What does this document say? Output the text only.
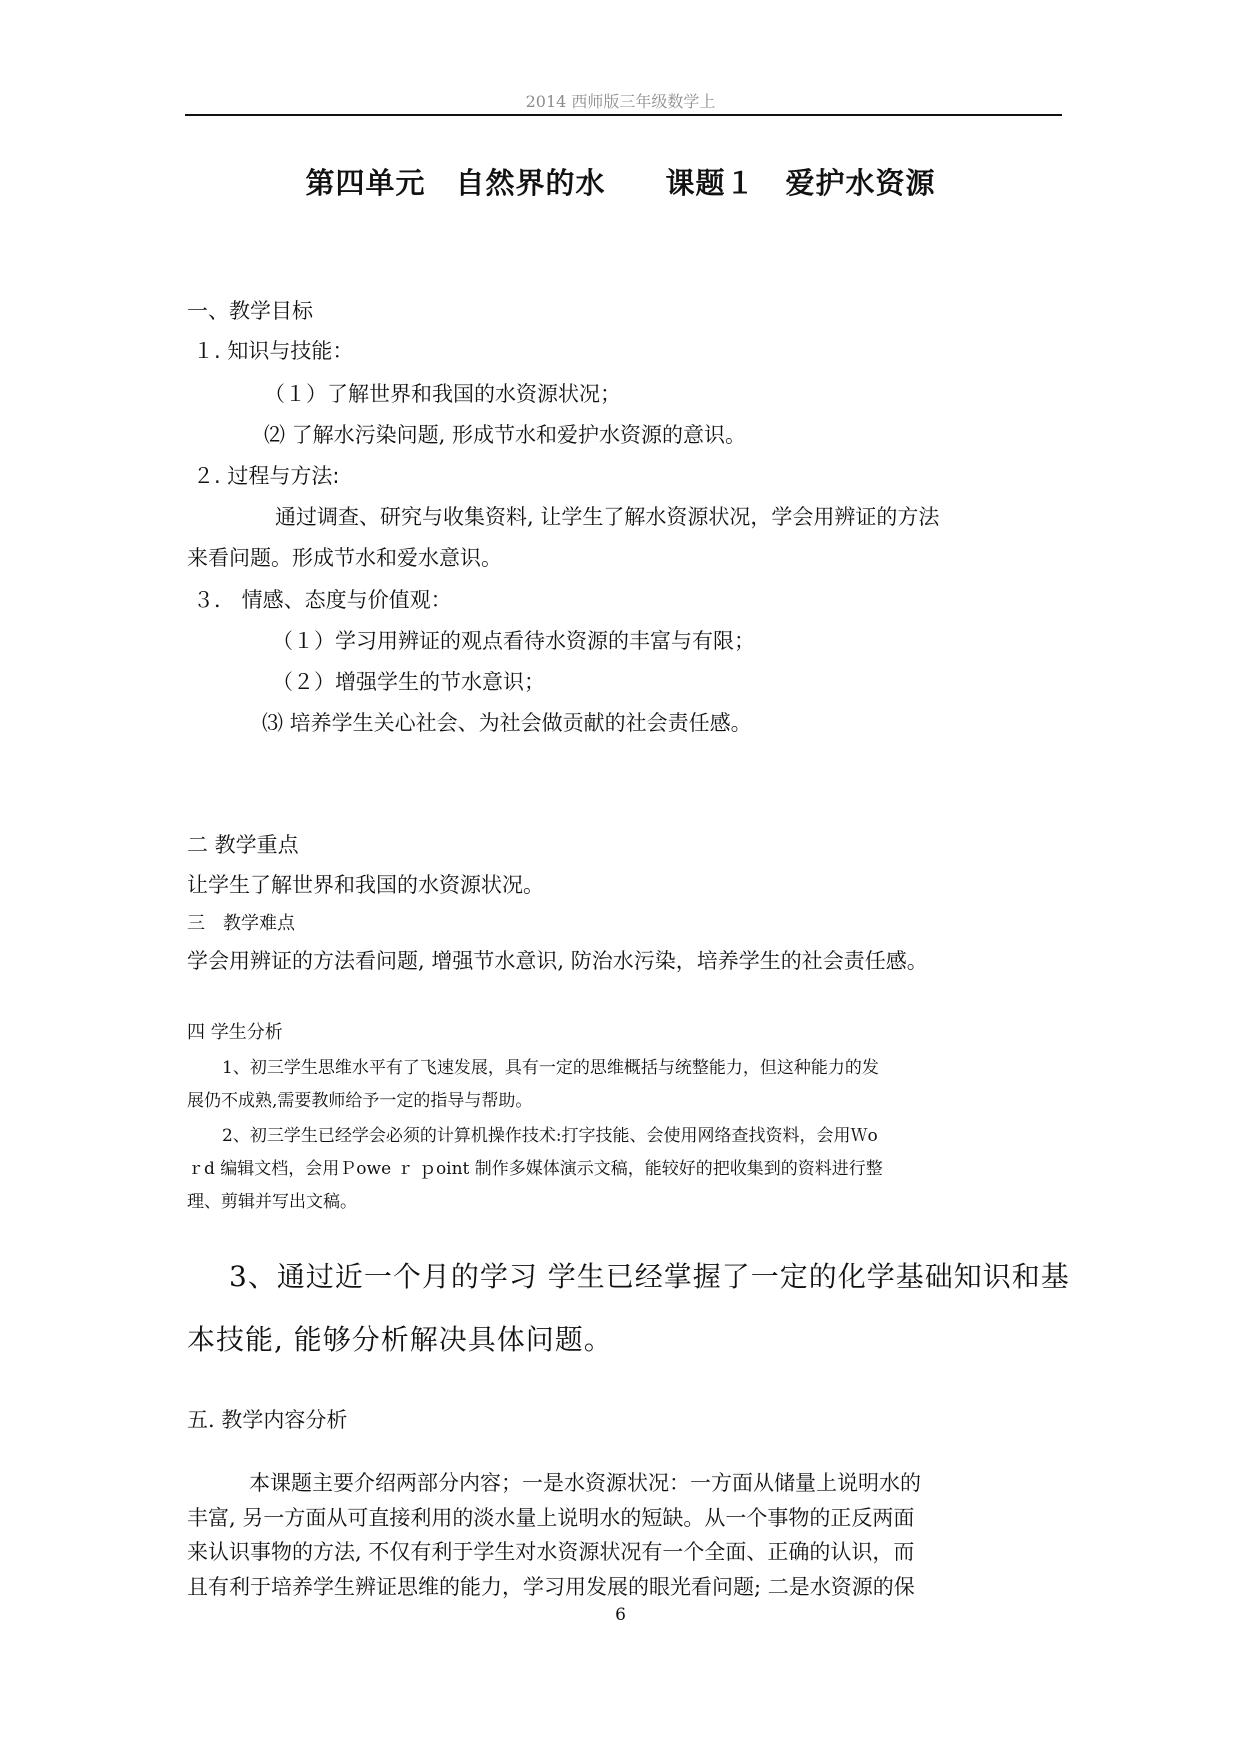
2014 西师版三年级数学上
第四单元　自然界的水　　课题１　爱护水资源
一、教学目标
１. 知识与技能：
（１）了解世界和我国的水资源状况；
⑵ 了解水污染问题, 形成节水和爱护水资源的意识。
２. 过程与方法:
通过调查、研究与收集资料, 让学生了解水资源状况，学会用辨证的方法
来看问题。形成节水和爱水意识。
３． 情感、态度与价值观：
（１）学习用辨证的观点看待水资源的丰富与有限；
（２）增强学生的节水意识；
⑶ 培养学生关心社会、为社会做贡献的社会责任感。
二 教学重点
让学生了解世界和我国的水资源状况。
三　教学难点
学会用辨证的方法看问题, 增强节水意识, 防治水污染，培养学生的社会责任感。
四 学生分析
1、初三学生思维水平有了飞速发展，具有一定的思维概括与统整能力，但这种能力的发
展仍不成熟,需要教师给予一定的指导与帮助。
2、初三学生已经学会必须的计算机操作技术:打字技能、会使用网络查找资料，会用Ｗo
ｒd 编辑文档，会用Ｐowe ｒ ｐoint 制作多媒体演示文稿，能较好的把收集到的资料进行整
理、剪辑并写出文稿。
3、通过近一个月的学习 学生已经掌握了一定的化学基础知识和基
本技能, 能够分析解决具体问题。
五. 教学内容分析
本课题主要介绍两部分内容；一是水资源状况：一方面从储量上说明水的
丰富, 另一方面从可直接利用的淡水量上说明水的短缺。从一个事物的正反两面
来认识事物的方法, 不仅有利于学生对水资源状况有一个全面、正确的认识，而
且有利于培养学生辨证思维的能力，学习用发展的眼光看问题; 二是水资源的保
6
